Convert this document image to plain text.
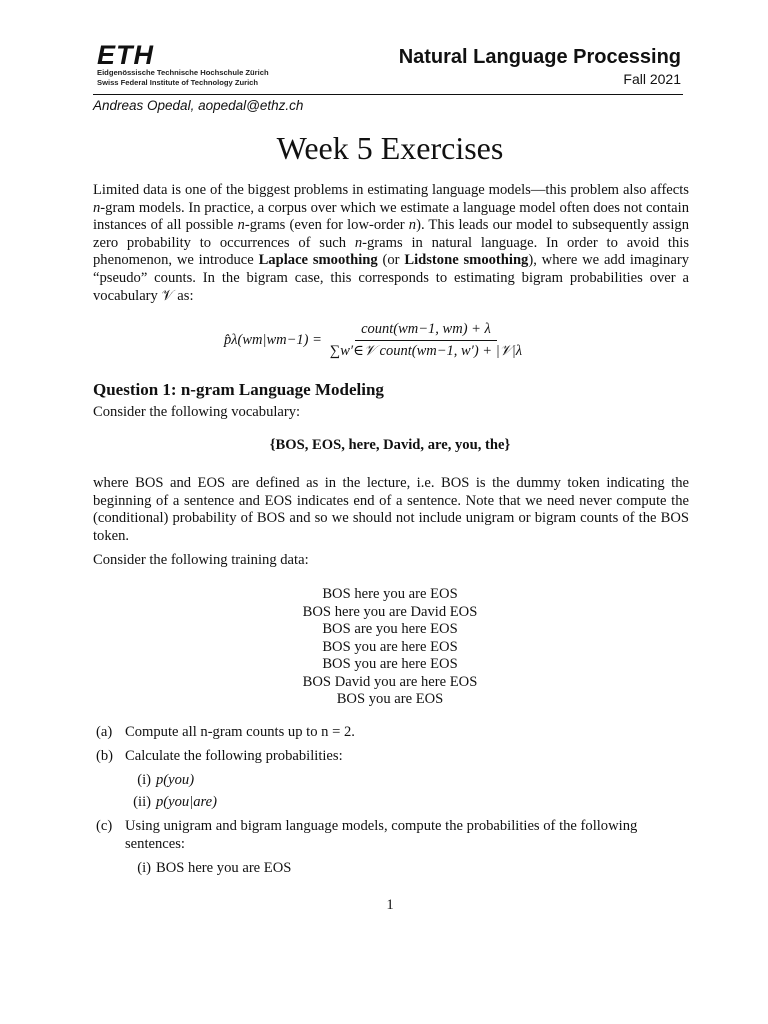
ETH
Eidgenössische Technische Hochschule Zürich
Swiss Federal Institute of Technology Zurich
Natural Language Processing
Fall 2021
Andreas Opedal, aopedal@ethz.ch
Week 5 Exercises

Limited data is one of the biggest problems in estimating language models—this problem also affects n-gram models. In practice, a corpus over which we estimate a language model often does not contain instances of all possible n-grams (even for low-order n). This leads our model to subsequently assign zero probability to occurrences of such n-grams in natural language. In order to avoid this phenomenon, we introduce Laplace smoothing (or Lidstone smoothing), where we add imaginary “pseudo” counts. In the bigram case, this corresponds to estimating bigram probabilities over a vocabulary 𝒱 as:

p̂λ(wm|wm−1) = $\frac{\text{count(wm−1, wm) + λ}}{\text{∑w′∈𝒱 count(wm−1, w′) + |𝒱|λ}}$
Question 1: n-gram Language Modeling
Consider the following vocabulary:
{BOS, EOS, here, David, are, you, the}
where BOS and EOS are defined as in the lecture, i.e. BOS is the dummy token indicating the beginning of a sentence and EOS indicates end of a sentence. Note that we need never compute the (conditional) probability of BOS and so we should not include unigram or bigram counts of the BOS token.
Consider the following training data:
BOS here you are EOS
BOS here you are David EOS
BOS are you here EOS
BOS you are here EOS
BOS you are here EOS
BOS David you are here EOS
BOS you are EOS
(a) Compute all n-gram counts up to n = 2.
(b) Calculate the following probabilities:
(i) p(you)
(ii) p(you|are)
(c) Using unigram and bigram language models, compute the probabilities of the following sentences:
(i) BOS here you are EOS
1
